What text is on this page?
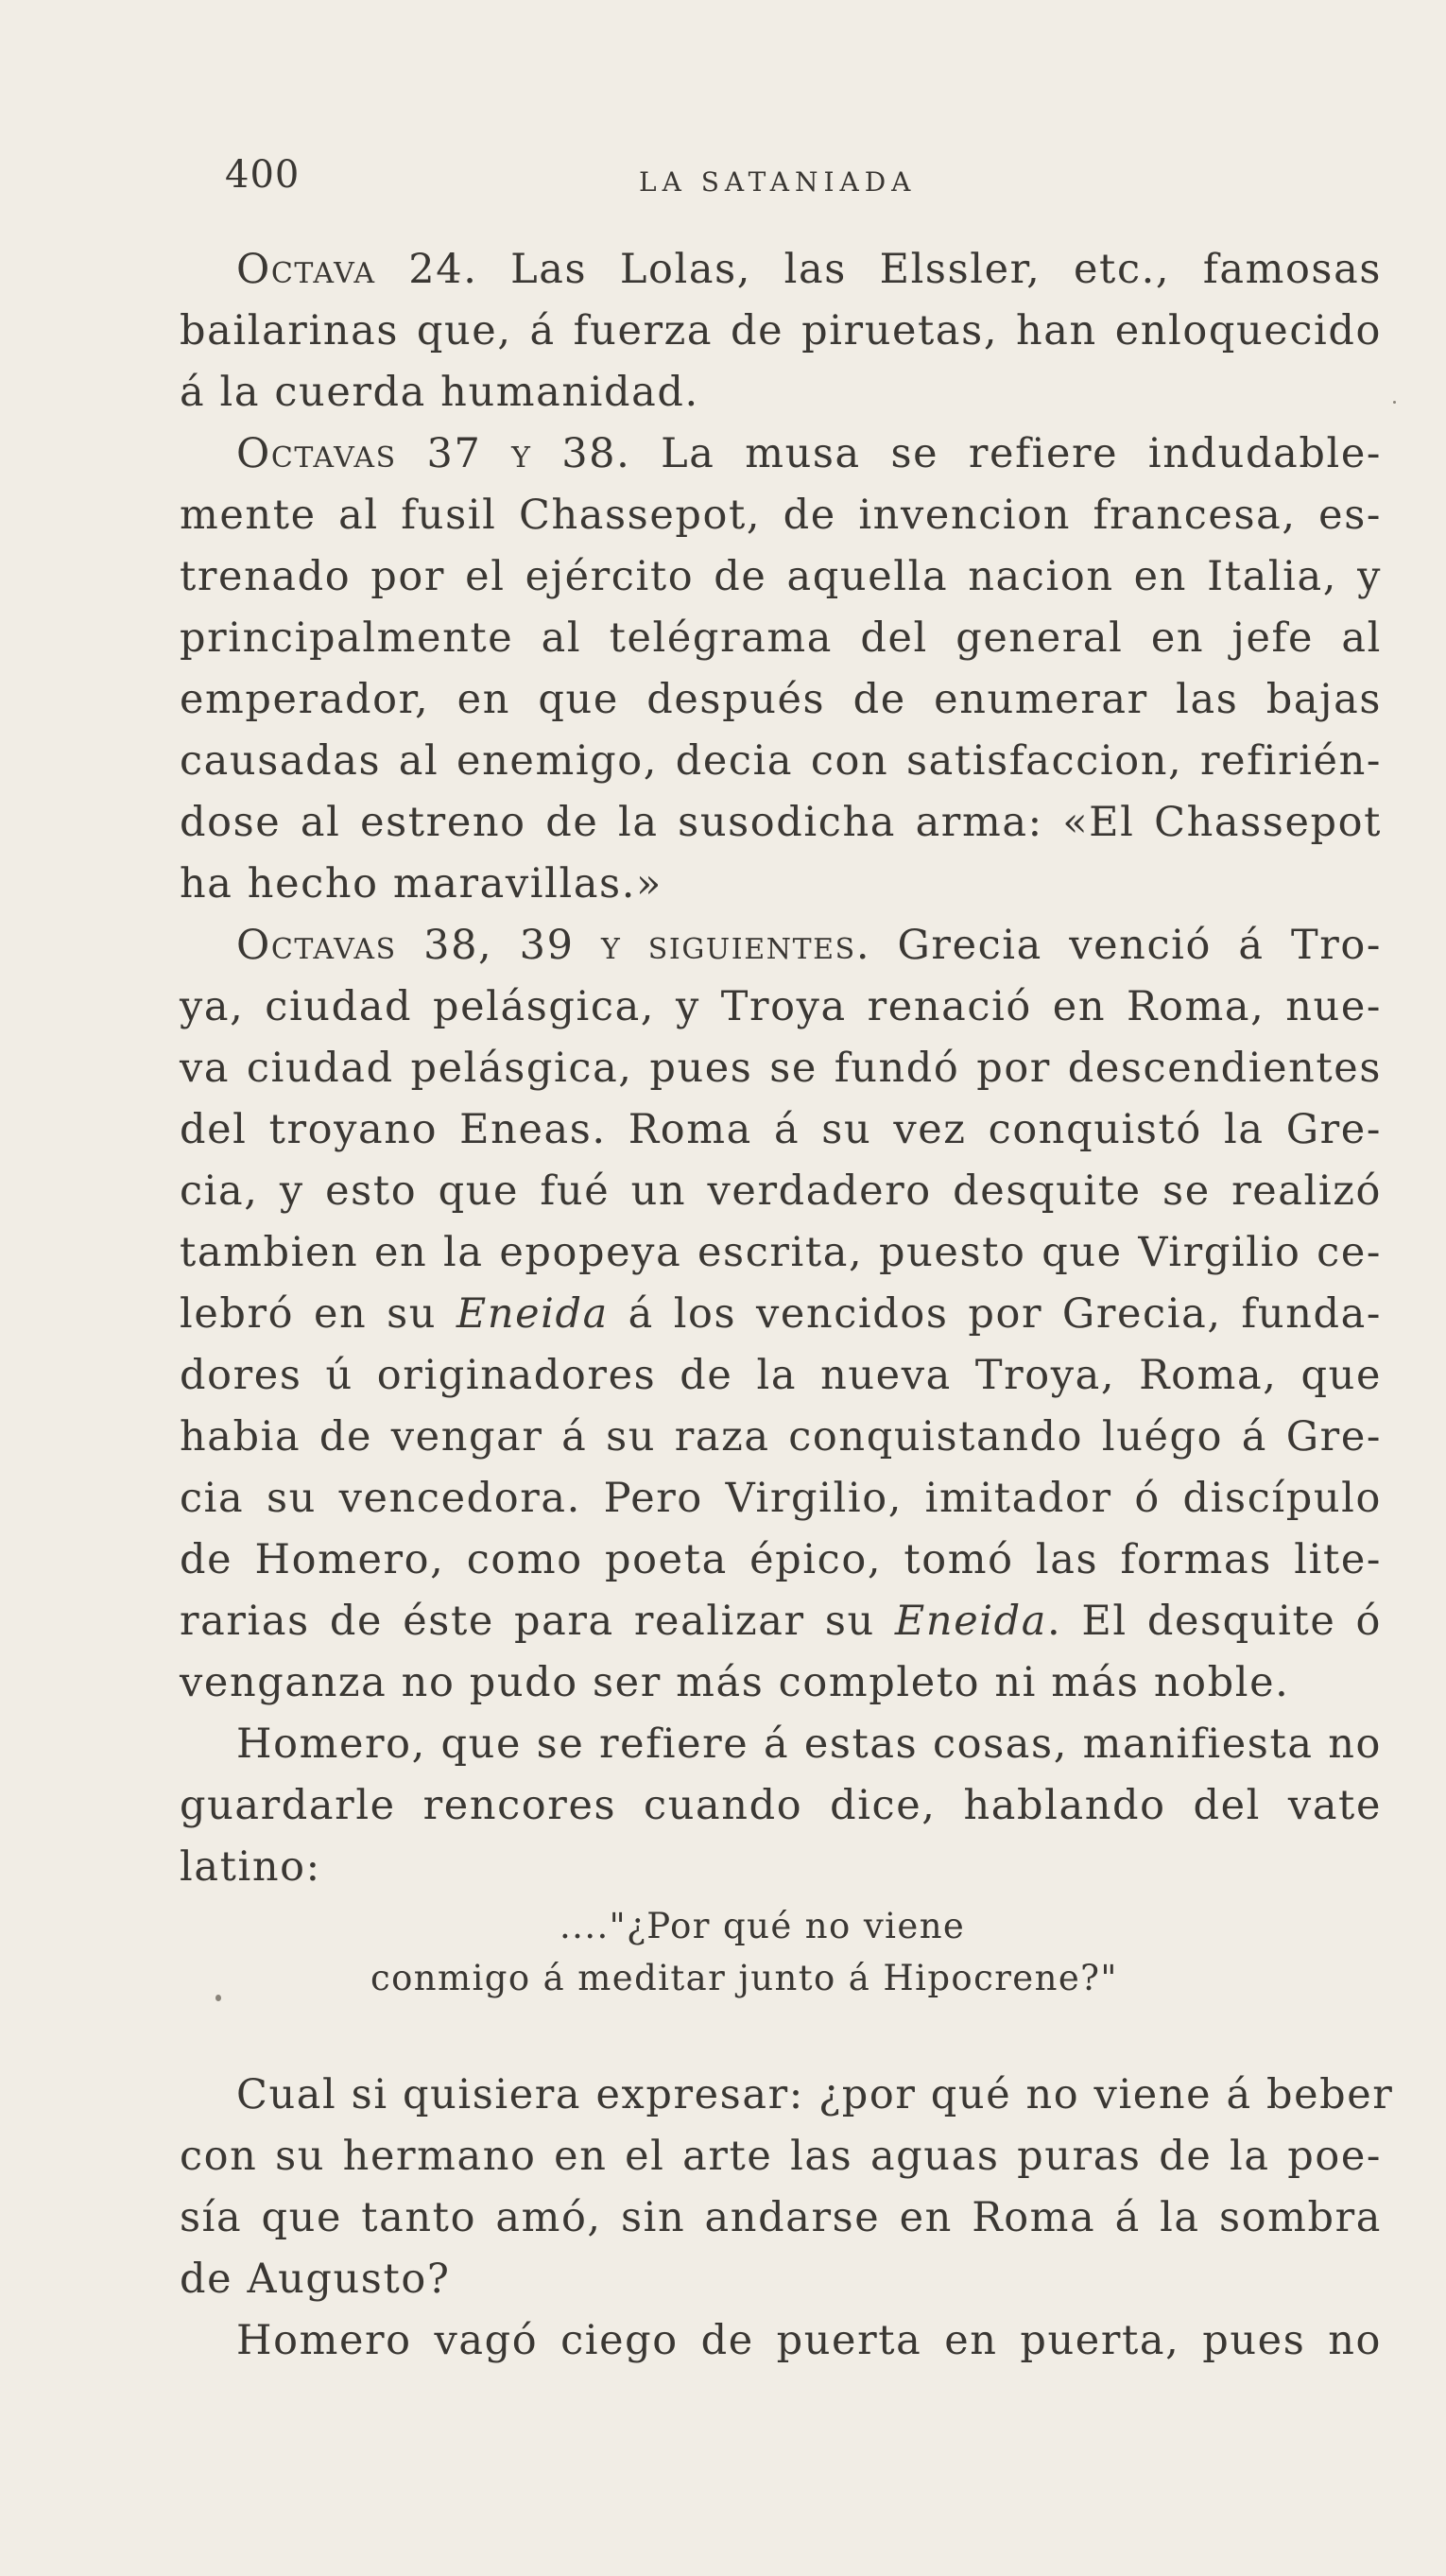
400	LA SATANIADA
Octava 24. Las Lolas, las Elssler, etc., famosas
bailarinas que, á fuerza de piruetas, han enloquecido
á la cuerda humanidad.
Octavas 37 y 38. La musa se refiere indudable-
mente al fusil Chassepot, de invencion francesa, es-
trenado por el ejército de aquella nacion en Italia, y
principalmente al telégrama del general en jefe al
emperador, en que después de enumerar las bajas
causadas al enemigo, decia con satisfaccion, refirién-
dose al estreno de la susodicha arma: «El Chassepot
ha hecho maravillas.»
Octavas 38, 39 y siguientes. Grecia venció á Tro-
ya, ciudad pelásgica, y Troya renació en Roma, nue-
va ciudad pelásgica, pues se fundó por descendientes
del troyano Eneas. Roma á su vez conquistó la Gre-
cia, y esto que fué un verdadero desquite se realizó
tambien en la epopeya escrita, puesto que Virgilio ce-
lebró en su Eneida á los vencidos por Grecia, funda-
dores ú originadores de la nueva Troya, Roma, que
habia de vengar á su raza conquistando luégo á Gre-
cia su vencedora. Pero Virgilio, imitador ó discípulo
de Homero, como poeta épico, tomó las formas lite-
rarias de éste para realizar su Eneida. El desquite ó
venganza no pudo ser más completo ni más noble.
Homero, que se refiere á estas cosas, manifiesta no
guardarle rencores cuando dice, hablando del vate
latino:
...."¿Por qué no viene
conmigo á meditar junto á Hipocrene?"
Cual si quisiera expresar: ¿por qué no viene á beber
con su hermano en el arte las aguas puras de la poe-
sía que tanto amó, sin andarse en Roma á la sombra
de Augusto?
Homero vagó ciego de puerta en puerta, pues no
